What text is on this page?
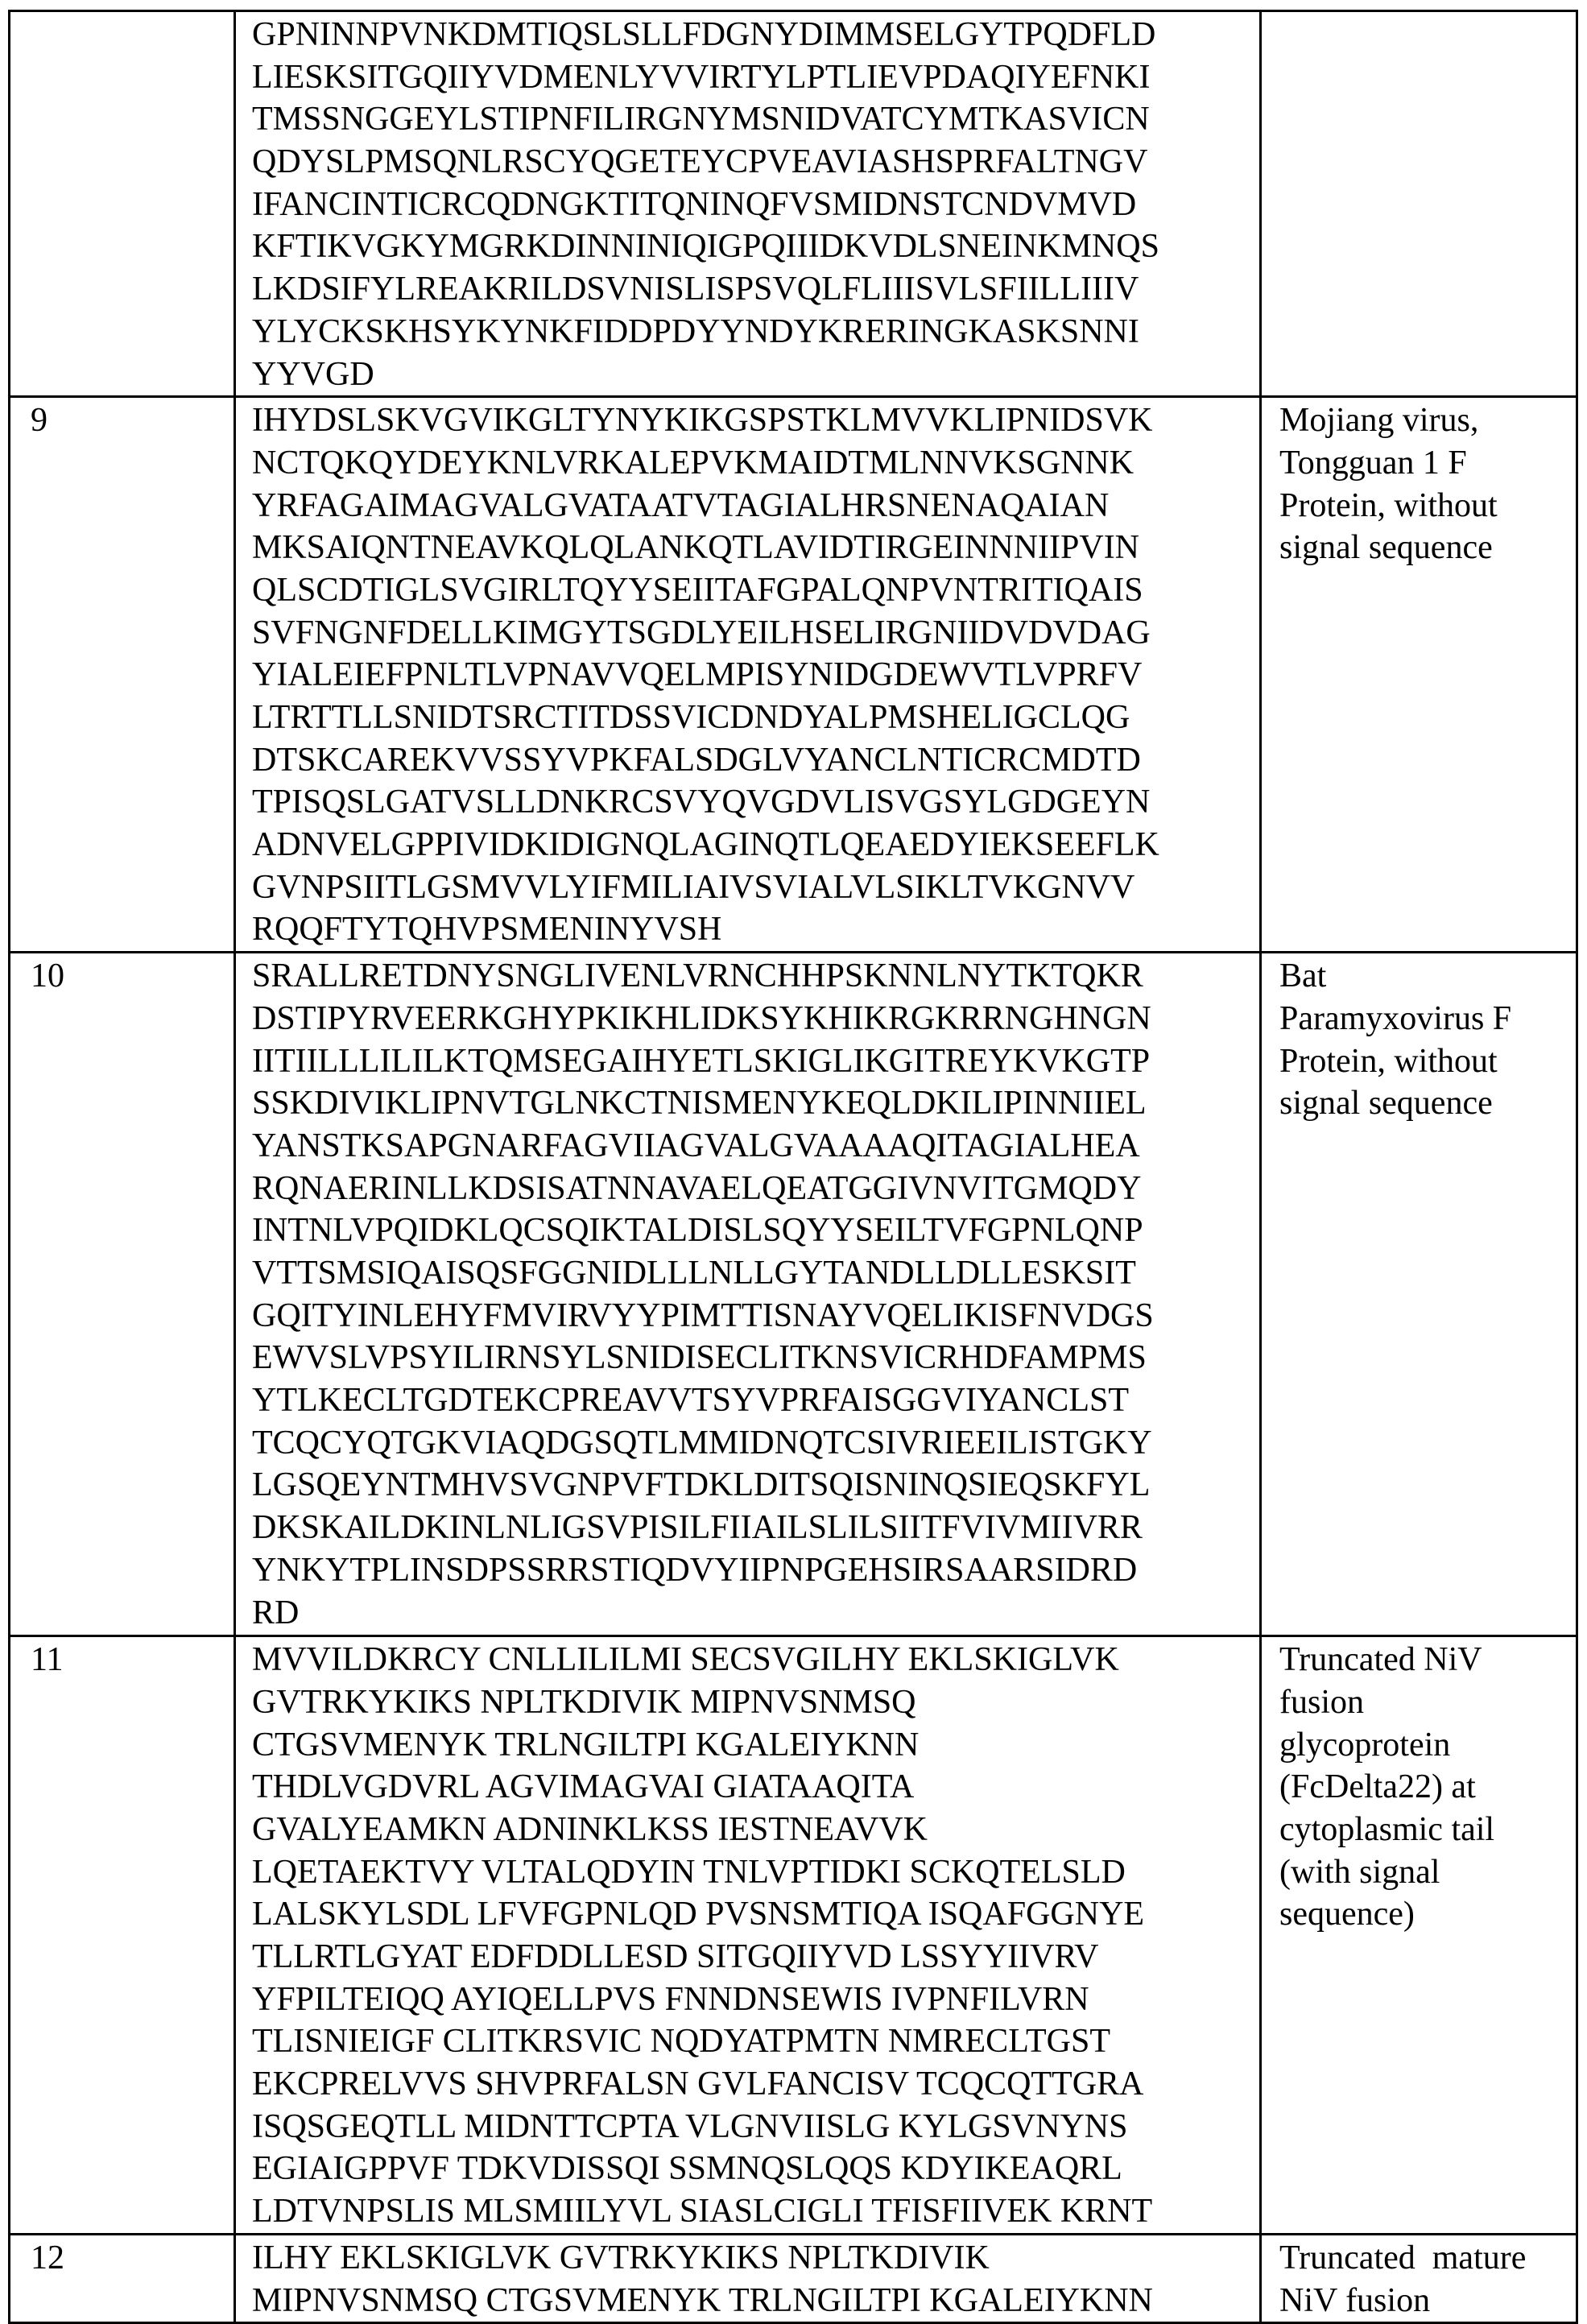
GPNINNPVNKDMTIQSLSLLFDGNYDIMMSELGYTPQDFLD
LIESKSITGQIIYVDMENLYVVIRTYLPTLIEVPDAQIYEFNKI
TMSSNGGEYLSTIPNFILIRGNYMSNIDVATCYMTKASVICN
QDYSLPMSQNLRSCYQGETEYCPVEAVIASHSPRFALTNGV
IFANCINTICRCQDNGKTITQNINQFVSMIDNSTCNDVMVD
KFTIKVGKYMGRKDINNINIQIGPQIIIDKVDLSNEINKMNQS
LKDSIFYLREAKRILDSVNISLISPSVQLFLIIISVLSFIILLIIIV
YLYCKSKHSYKYNKFIDDPDYYNDYKRERINGKASKSNNI
YYVGD

9	IHYDSLSKVGVIKGLTYNYKIKGSPSTKLMVVKLIPNIDSVK
NCTQKQYDEYKNLVRKALEPVKMAIDTMLNNVKSGNNK
YRFAGAIMAGVALGVATAATVTAGIALHRSNENAQAIAN
MKSAIQNTNEAVKQLQLANKQTLAVIDTIRGEINNNIIPVIN
QLSCDTIGLSVGIRLTQYYSEIITAFGPALQNPVNTRITIQAIS
SVFNGNFDELLKIMGYTSGDLYEILHSELIRGNIIDVDVDAG
YIALEIEFPNLTLVPNAVVQELMPISYNIDGDEWVTLVPRFV
LTRTTLLSNIDTSRCTITDSSVICDNDYALPMSHELIGCLQG
DTSKCAREKVVSSYVPKFALSDGLVYANCLNTICRCMDTD
TPISQSLGATVSLLDNKRCSVYQVGDVLISVGSYLGDGEYN
ADNVELGPPIVIDKIDIGNQLAGINQTLQEAEDYIEKSEEFLK
GVNPSIITLGSMVVLYIFMILIAIVSVIALVLSIKLTVKGNVV
RQQFTYTQHVPSMENINYVSH

Mojiang virus,
Tongguan 1 F
Protein, without
signal sequence

10	SRALLRETDNYSNGLIVENLVRNCHHPSKNNLNYTKTQKR
DSTIPYRVEERKGHYPKIKHLIDKSYKHIKRGKRRNGHNGN
IITIILLLILILKTQMSEGAIHYETLSKIGLIKGITREYKVKGTP
SSKDIVIKLIPNVTGLNKCTNISMENYKEQLDKILIPINNIIEL
YANSTKSAPGNARFAGVIIAGVALGVAAAAQITAGIALHEA
RQNAERINLLKDSISATNNAVAELQEATGGIVNVITGMQDY
INTNLVPQIDKLQCSQIKTALDISLSQYYSEILTVFGPNLQNP
VTTSMSIQAISQSFGGNIDLLLNLLGYTANDLLDLLESKSIT
GQITYINLEHYFMVIRVYYPIMTTISNAYVQELIKISFNVDGS
EWVSLVPSYILIRNSYLSNIDISECLITKNSVICRHDFAMPMS
YTLKECLTGDTEKCPREAVVTSYVPRFAISGGVIYANCLST
TCQCYQTGKVIAQDGSQTLMMIDNQTCSIVRIEEILISTGKY
LGSQEYNTMHVSVGNPVFTDKLDITSQISNINQSIEQSKFYL
DKSKAILDKINLNLIGSVPISILFIIAILSLILSIITFVIVMIIVRR
YNKYTPLINSDPSSRRSTIQDVYIIPNPGEHSIRSAARSIDRD
RD

Bat
Paramyxovirus F
Protein, without
signal sequence

11	MVVILDKRCY CNLLILILMI SECSVGILHY EKLSKIGLVK
GVTRKYKIKS NPLTKDIVIK MIPNVSNMSQ
CTGSVMENYK TRLNGILTPI KGALEIYKNN
THDLVGDVRL AGVIMAGVAI GIATAAQITA
GVALYEAMKN ADNINKLKSS IESTNEAVVK
LQETAEKTVY VLTALQDYIN TNLVPTIDKI SCKQTELSLD
LALSKYLSDL LFVFGPNLQD PVSNSMTIQA ISQAFGGNYE
TLLRTLGYAT EDFDDLLESD SITGQIIYVD LSSYYIIVRV
YFPILTEIQQ AYIQELLPVS FNNDNSEWIS IVPNFILVRN
TLISNIEIGF CLITKRSVIC NQDYATPMTN NMRECLTGST
EKCPRELVVS SHVPRFALSN GVLFANCISV TCQCQTTGRA
ISQSGEQTLL MIDNTTCPTA VLGNVIISLG KYLGSVNYNS
EGIAIGPPVF TDKVDISSQI SSMNQSLQQS KDYIKEAQRL
LDTVNPSLIS MLSMIILYVL SIASLCIGLI TFISFIIVEK KRNT

Truncated NiV
fusion
glycoprotein
(FcDelta22) at
cytoplasmic tail
(with signal
sequence)

12	ILHY EKLSKIGLVK GVTRKYKIKS NPLTKDIVIK
MIPNVSNMSQ CTGSVMENYK TRLNGILTPI KGALEIYKNN

Truncated  mature
NiV fusion
